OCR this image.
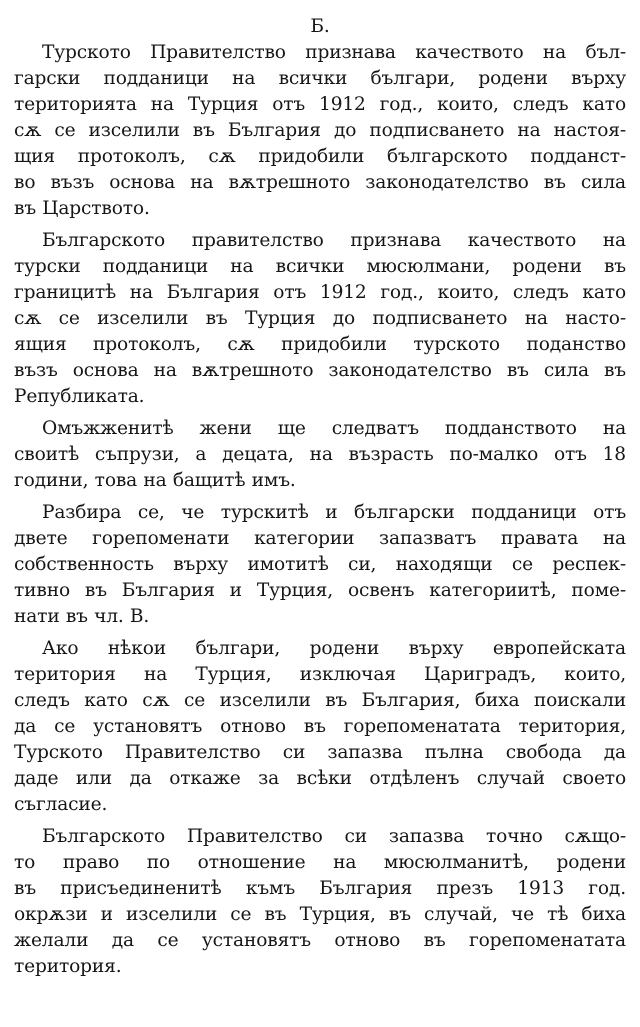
Б.

Турското Правителство признава качеството на бъл-
гарски подданици на всички българи, родени върху
територията на Турция отъ 1912 год., които, следъ като
сѫ се изселили въ България до подписването на настоя-
щия протоколъ, сѫ придобили българското подданст-
вo възъ основа на вѫтрешното законодателство въ сила
въ Царството.

Българското правителство признава качеството на
турски подданици на всички мюсюлмани, родени въ
границитѣ на България отъ 1912 год., които, следъ като
сѫ се изселили въ Турция до подписването на насто-
ящия протоколъ, сѫ придобили турското поданство
възъ основа на вѫтрешното законодателство въ сила въ
Републиката.

Омъжженитѣ жени ще следватъ подданството на
своитѣ съпрузи, а децата, на възрасть по-малко отъ 18
години, това на бащитѣ имъ.

Разбира се, че турскитѣ и български подданици отъ
двете горепоменати категории запазватъ правата на
собственность върху имотитѣ си, находящи се респек-
тивно въ България и Турция, освенъ категориитѣ, поме-
нати въ чл. В.

Ако нѣкои българи, родени върху европейската
територия на Турция, изключая Цариградъ, които,
следъ като сѫ се изселили въ България, биха поискали
да се установятъ отново въ горепоменатата територия,
Турското Правителство си запазва пълна свобода да
даде или да откаже за всѣки отдѣленъ случай своето
съгласие.

Българското Правителство си запазва точно сѫщо-
то право по отношение на мюсюлманитѣ, родени
въ присъединенитѣ къмъ България презъ 1913 год.
окрѫзи и изселили се въ Турция, въ случай, че тѣ биха
желали да се установятъ отново въ горепоменатата
територия.
